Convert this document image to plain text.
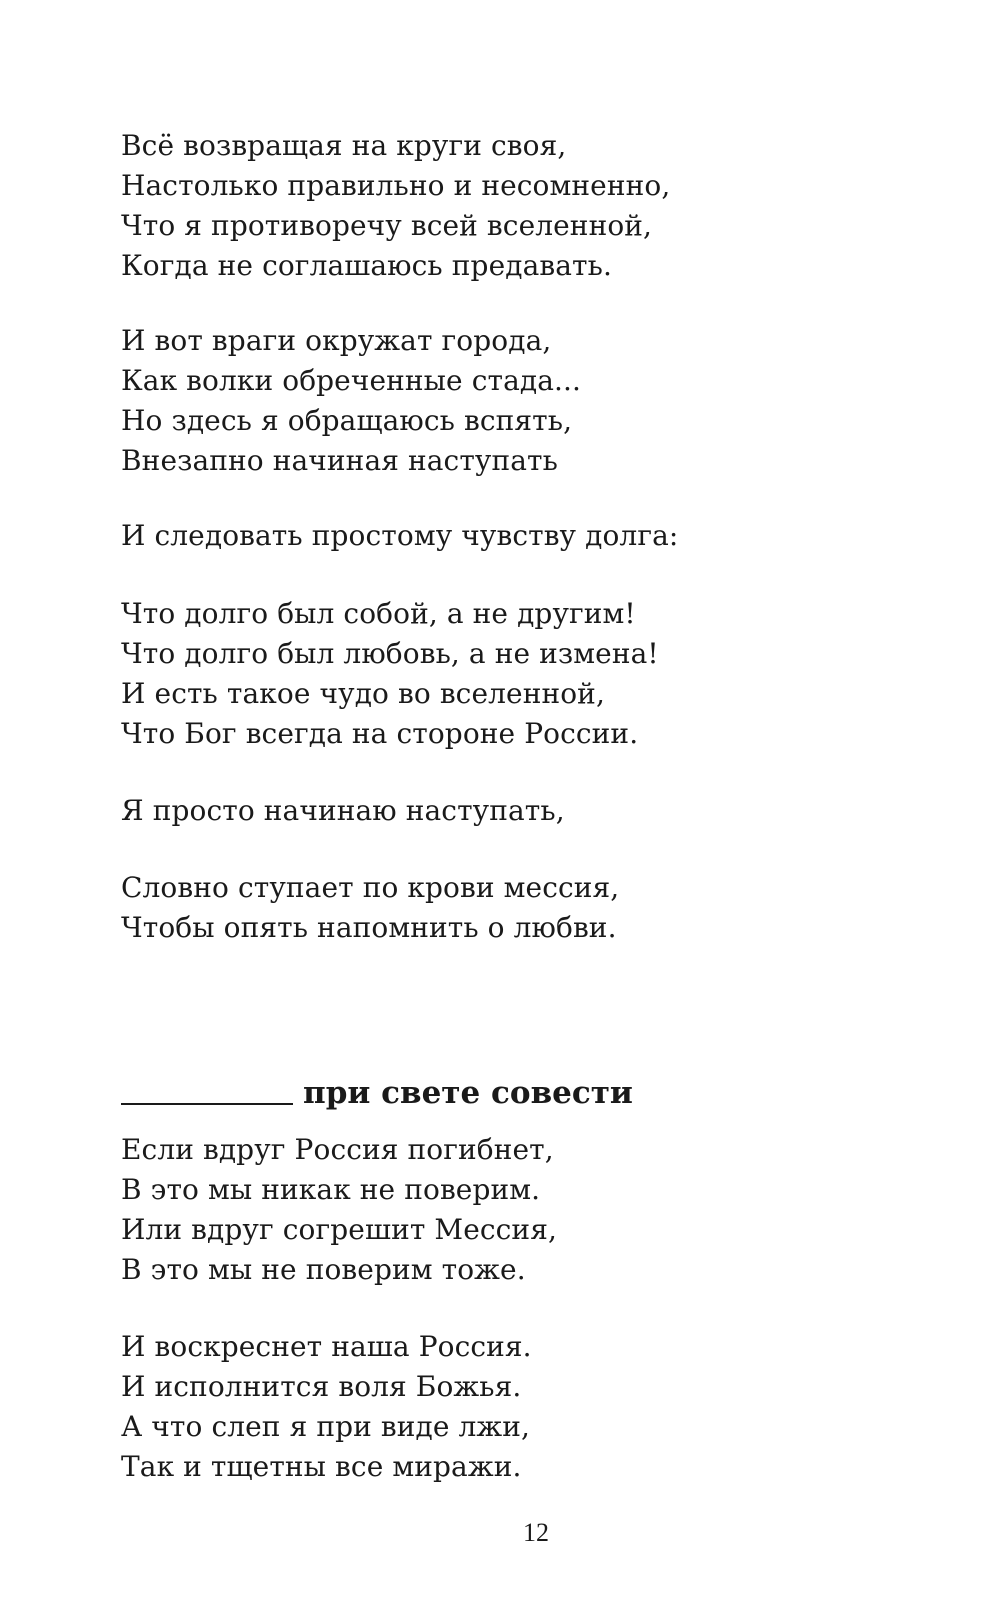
Всё возвращая на круги своя,
Настолько правильно и несомненно,
Что я противоречу всей вселенной,
Когда не соглашаюсь предавать.
И вот враги окружат города,
Как волки обреченные стада...
Но здесь я обращаюсь вспять,
Внезапно начиная наступать
И следовать простому чувству долга:
Что долго был собой, а не другим!
Что долго был любовь, а не измена!
И есть такое чудо во вселенной,
Что Бог всегда на стороне России.
Я просто начинаю наступать,
Словно ступает по крови мессия,
Чтобы опять напомнить о любви.
при свете совести
Если вдруг Россия погибнет,
В это мы никак не поверим.
Или вдруг согрешит Мессия,
В это мы не поверим тоже.
И воскреснет наша Россия.
И исполнится воля Божья.
А что слеп я при виде лжи,
Так и тщетны все миражи.
12
